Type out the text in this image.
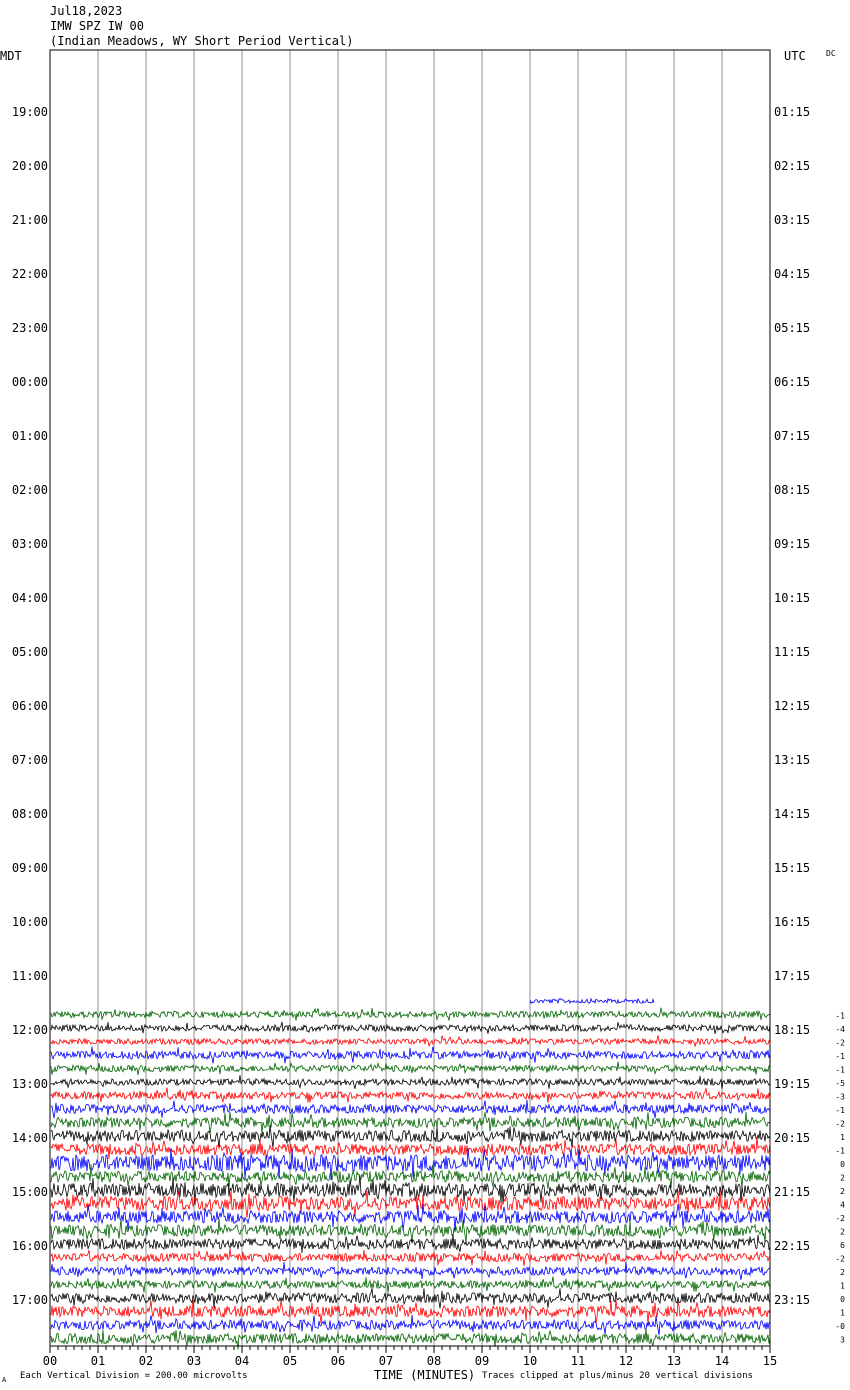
Jul18,2023
IMW SPZ IW 00
(Indian Meadows, WY Short Period Vertical)
MDT	UTC	DC
-1
-4
-2
-1
-1
-5
-3
-1
-2
1
-1
0
2
2
4
-2
2
6
-2
2
1
0
1
-0
3
19:00
20:00
21:00
22:00
23:00
00:00
01:00
02:00
03:00
04:00
05:00
06:00
07:00
08:00
09:00
10:00
11:00
12:00
13:00
14:00
15:00
16:00
17:00
01:15
02:15
03:15
04:15
05:15
06:15
07:15
08:15
09:15
10:15
11:15
12:15
13:15
14:15
15:15
16:15
17:15
18:15
19:15
20:15
21:15
22:15
23:15
00	01	02	03	04	05	06	07	08	09	10	11	12	13	14	15
A Each Vertical Division = 200.00 microvolts	TIME (MINUTES) Traces clipped at plus/minus 20 vertical divisions
